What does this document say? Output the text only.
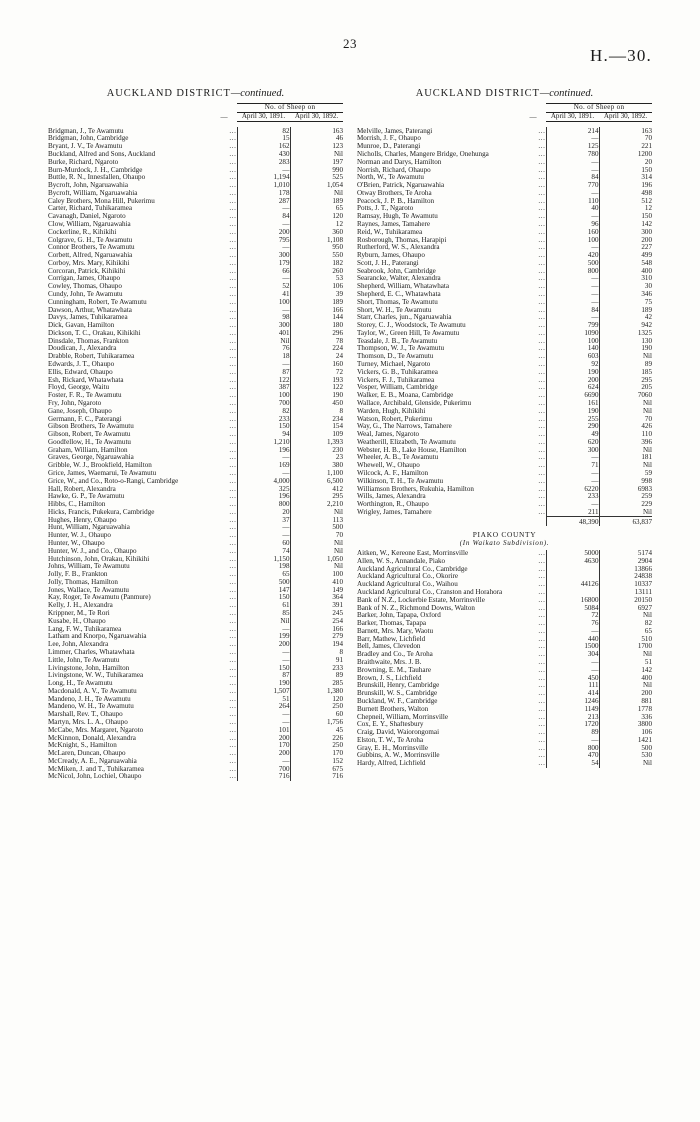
23
H.—30.
AUCKLAND DISTRICT—continued.
		No. of Sheep on	
	—	April 30, 1891.	April 30, 1892.

Bridgman, J., Te Awamutu	...	82	163
Bridgman, John, Cambridge	...	15	46
Bryant, J. V., Te Awamutu	...	162	123
Buckland, Alfred and Sons, Auckland	...	430	Nil
Burke, Richard, Ngaroto	...	283	197
Burn-Murdock, J. H., Cambridge	...	—	990
Buttle, R. N., Innesfallen, Ohaupo	...	1,194	525
Bycroft, John, Ngaruawahia	...	1,010	1,054
Bycroft, William, Ngaruawahia	...	178	Nil
Caley Brothers, Mona Hill, Pukerimu	...	287	189
Carter, Richard, Tuhikaramea	...	—	65
Cavanagh, Daniel, Ngaroto	...	84	120
Clow, William, Ngaruawahia	...	—	12
Cockerline, R., Kihikihi	...	200	360
Colgrave, G. H., Te Awamutu	...	795	1,108
Connor Brothers, Te Awamutu	...	—	950
Corbett, Alfred, Ngaruawahia	...	300	550
Corboy, Mrs. Mary, Kihikihi	...	179	182
Corcoran, Patrick, Kihikihi	...	66	260
Corrigan, James, Ohaupo	...	—	53
Cowley, Thomas, Ohaupo	...	52	106
Cundy, John, Te Awamutu	...	41	39
Cunningham, Robert, Te Awamutu	...	100	189
Dawson, Arthur, Whatawhata	...	—	166
Davys, James, Tuhikaramea	...	98	144
Dick, Gavan, Hamilton	...	300	180
Dickson, T. C., Orakau, Kihikihi	...	401	296
Dinsdale, Thomas, Frankton	...	Nil	78
Doudican, J., Alexandra	...	76	224
Drabble, Robert, Tuhikaramea	...	18	24
Edwards, J. T., Ohaupo	...	—	160
Ellis, Edward, Ohaupo	...	87	72
Esh, Rickard, Whatawhata	...	122	193
Floyd, George, Waitu	...	387	122
Foster, F. R., Te Awamutu	...	100	190
Fry, John, Ngaroto	...	700	450
Gane, Joseph, Ohaupo	...	82	8
Germann, F. C., Paterangi	...	233	234
Gibson Brothers, Te Awamutu	...	150	154
Gibson, Robert, Te Awamutu	...	94	109
Goodfellow, H., Te Awamutu	...	1,210	1,393
Graham, William, Hamilton	...	196	230
Graves, George, Ngaruawahia	...	—	23
Gribble, W. J., Brookfield, Hamilton	...	169	380
Grice, James, Waemarui, Te Awamutu	...	—	1,100
Grice, W., and Co., Roto-o-Rangi, Cambridge	...	4,000	6,500
Hall, Robert, Alexandra	...	325	412
Hawke, G. P., Te Awamutu	...	196	295
Hibbs, C., Hamilton	...	800	2,210
Hicks, Francis, Pukekura, Cambridge	...	20	Nil
Hughes, Henry, Ohaupo	...	37	113
Hunt, William, Ngaruawahia	...	—	500
Hunter, W. J., Ohaupo	...	—	70
Hunter, W., Ohaupo	...	60	Nil
Hunter, W. J., and Co., Ohaupo	...	74	Nil
Hutchinson, John, Orakau, Kihikihi	...	1,150	1,050
Johns, William, Te Awamutu	...	198	Nil
Jolly, F. B., Frankton	...	65	100
Jolly, Thomas, Hamilton	...	500	410
Jones, Wallace, Te Awamutu	...	147	149
Kay, Roger, Te Awamutu (Panmure)	...	150	364
Kelly, J. H., Alexandra	...	61	391
Krippner, M., Te Rori	...	85	245
Kusabe, H., Ohaupo	...	Nil	254
Lang, F. W., Tuhikaramea	...	—	166
Latham and Knorpo, Ngaruawahia	...	199	279
Lee, John, Alexandra	...	200	194
Limmer, Charles, Whatawhata	...	—	8
Little, John, Te Awamutu	...	—	91
Livingstone, John, Hamilton	...	150	233
Livingstone, W. W., Tuhikaramea	...	87	89
Long, H., Te Awamutu	...	190	285
Macdonald, A. V., Te Awamutu	...	1,507	1,380
Mandeno, J. H., Te Awamutu	...	51	120
Mandeno, W. H., Te Awamutu	...	264	250
Marshall, Rev. T., Ohaupo	...	—	60
Martyn, Mrs. L. A., Ohaupo	...	—	1,756
McCabe, Mrs. Margaret, Ngaroto	...	101	45
McKinnon, Donald, Alexandra	...	200	226
McKnight, S., Hamilton	...	170	250
McLaren, Duncan, Ohaupo	...	200	170
McCready, A. E., Ngaruawahia	...	—	152
McMiken, J. and T., Tuhikaramea	...	700	675
McNicol, John, Lochiel, Ohaupo	...	716	716
AUCKLAND DISTRICT—continued.
		No. of Sheep on	
	—	April 30, 1891.	April 30, 1892.

Melville, James, Paterangi	...	214	163
Morrish, J. F., Ohaupo	...	—	70
Munroe, D., Paterangi	...	125	221
Nicholls, Charles, Mangere Bridge, Onehunga	...	780	1200
Norman and Darys, Hamilton	...	—	20
Norrish, Richard, Ohaupo	...	—	150
North, W., Te Awamutu	...	84	314
O'Brien, Patrick, Ngaruawahia	...	770	196
Otway Brothers, Te Aroha	...	—	498
Peacock, J. P. B., Hamilton	...	110	512
Potts, J. T., Ngaroto	...	40	12
Ramsay, Hugh, Te Awamutu	...	—	150
Raynes, James, Tamahere	...	96	142
Reid, W., Tuhikaramea	...	160	300
Rosborough, Thomas, Harapipi	...	100	200
Rutherford, W. S., Alexandra	...	—	227
Ryburn, James, Ohaupo	...	420	499
Scott, J. H., Paterangi	...	500	548
Seabrook, John, Cambridge	...	800	400
Searancke, Walter, Alexandra	...	—	310
Shepherd, William, Whatawhata	...	—	30
Shepherd, E. C., Whatawhata	...	—	346
Short, Thomas, Te Awamutu	...	—	75
Short, W. H., Te Awamutu	...	84	189
Starr, Charles, jun., Ngaruawahia	...	—	42
Storey, C. J., Woodstock, Te Awamutu	...	799	942
Taylor, W., Green Hill, Te Awamutu	...	1090	1325
Teasdale, J. B., Te Awamutu	...	100	130
Thompson, W. J., Te Awamutu	...	140	190
Thomson, D., Te Awamutu	...	603	Nil
Turney, Michael, Ngaroto	...	92	89
Vickers, G. B., Tuhikaramea	...	190	185
Vickers, F. J., Tuhikaramea	...	200	295
Vosper, William, Cambridge	...	624	205
Walker, E. B., Moana, Cambridge	...	6690	7060
Wallace, Archibald, Glenside, Pukerimu	...	161	Nil
Warden, Hugh, Kihikihi	...	190	Nil
Watson, Robert, Pukerimu	...	255	70
Way, G., The Narrows, Tamahere	...	290	426
Weal, James, Ngaroto	...	49	110
Weatherill, Elizabeth, Te Awamutu	...	620	396
Webster, H. B., Lake House, Hamilton	...	300	Nil
Wheeler, A. B., Te Awamutu	...	—	181
Whewell, W., Ohaupo	...	71	Nil
Wilcock, A. F., Hamilton	...	—	59
Wilkinson, T. H., Te Awamutu	...	—	998
Williamson Brothers, Rukuhia, Hamilton	...	6220	6983
Wills, James, Alexandra	...	233	259
Worthington, R., Ohaupo	...	—	229
Wrigley, James, Tamahere	...	211	Nil
		48,390	63,837
PIAKO COUNTY			
(In Waikato Subdivision).			
Aitken, W., Kereone East, Morrinsville	...	5000	5174
Allen, W. S., Annandale, Piako	...	4630	2904
Auckland Agricultural Co., Cambridge	...		13866
Auckland Agricultural Co., Okorire	...		24838
Auckland Agricultural Co., Waihou	...	44126	10337
Auckland Agricultural Co., Cranston and Horahora	...		13111
Bank of N.Z., Lockerbie Estate, Morrinsville	...	16800	20150
Bank of N. Z., Richmond Downs, Walton	...	5084	6927
Barker, John, Tapapa, Oxford	...	72	Nil
Barker, Thomas, Tapapa	...	76	82
Barnett, Mrs. Mary, Waotu	...	—	65
Barr, Mathew, Lichfield	...	440	510
Bell, James, Clevedon	...	1500	1700
Bradley and Co., Te Aroha	...	304	Nil
Braithwaite, Mrs. J. B.	...	—	51
Browning, E. M., Tauhare	...	—	142
Brown, J. S., Lichfield	...	450	400
Brunskill, Henry, Cambridge	...	111	Nil
Brunskill, W. S., Cambridge	...	414	200
Buckland, W. F., Cambridge	...	1246	881
Burnett Brothers, Walton	...	1149	1778
Chepneil, William, Morrinsville	...	213	336
Cox, E. Y., Shaftesbury	...	1720	3800
Craig, David, Waiorongomai	...	89	106
Elston, T. W., Te Aroha	...	—	1421
Gray, E. H., Morrinsville	...	800	500
Gubbins, A. W., Morrinsville	...	470	530
Hardy, Alfred, Lichfield	...	54	Nil
